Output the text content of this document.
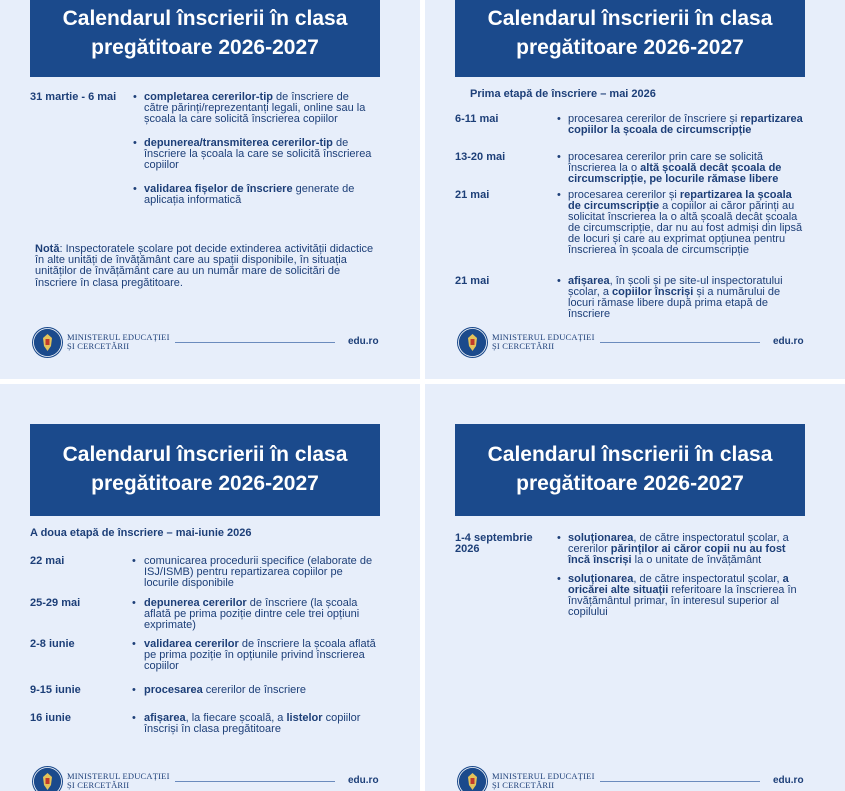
Calendarul înscrierii în clasa
pregătitoare 2026-2027
31 martie - 6 mai	• completarea cererilor-tip de înscriere de către părinți/reprezentanți legali, online sau la școala la care solicită înscrierea copiilor
• depunerea/transmiterea cererilor-tip de înscriere la școala la care se solicită înscrierea copiilor
• validarea fișelor de înscriere generate de aplicația informatică
Notă: Inspectoratele școlare pot decide extinderea activității didactice în alte unități de învățământ care au spații disponibile, în situația unităților de învățământ care au un număr mare de solicitări de înscriere în clasa pregătitoare.
MINISTERUL EDUCAȚIEI
ȘI CERCETĂRII	edu.ro
Calendarul înscrierii în clasa
pregătitoare 2026-2027
Prima etapă de înscriere – mai 2026
6-11 mai	• procesarea cererilor de înscriere și repartizarea copiilor la școala de circumscripție
13-20 mai	• procesarea cererilor prin care se solicită înscrierea la o altă școală decât școala de circumscripție, pe locurile rămase libere
21 mai	• procesarea cererilor și repartizarea la școala de circumscripție a copiilor ai căror părinți au solicitat înscrierea la o altă școală decât școala de circumscripție, dar nu au fost admiși din lipsă de locuri și care au exprimat opțiunea pentru înscrierea în școala de circumscripție
21 mai	• afișarea, în școli și pe site-ul inspectoratului școlar, a copiilor înscriși și a numărului de locuri rămase libere după prima etapă de înscriere
MINISTERUL EDUCAȚIEI
ȘI CERCETĂRII	edu.ro
Calendarul înscrierii în clasa
pregătitoare 2026-2027
A doua etapă de înscriere – mai-iunie 2026
22 mai	• comunicarea procedurii specifice (elaborate de ISJ/ISMB) pentru repartizarea copiilor pe locurile disponibile
25-29 mai	• depunerea cererilor de înscriere (la școala aflată pe prima poziție dintre cele trei opțiuni exprimate)
2-8 iunie	• validarea cererilor de înscriere la școala aflată pe prima poziție în opțiunile privind înscrierea copiilor
9-15 iunie	• procesarea cererilor de înscriere
16 iunie	• afișarea, la fiecare școală, a listelor copiilor înscriși în clasa pregătitoare
MINISTERUL EDUCAȚIEI
ȘI CERCETĂRII	edu.ro
Calendarul înscrierii în clasa
pregătitoare 2026-2027
1-4 septembrie
2026
• soluționarea, de către inspectoratul școlar, a cererilor părinților ai căror copii nu au fost încă înscriși la o unitate de învățământ
• soluționarea, de către inspectoratul școlar, a oricărei alte situații referitoare la înscrierea în învățământul primar, în interesul superior al copilului
MINISTERUL EDUCAȚIEI
ȘI CERCETĂRII	edu.ro
